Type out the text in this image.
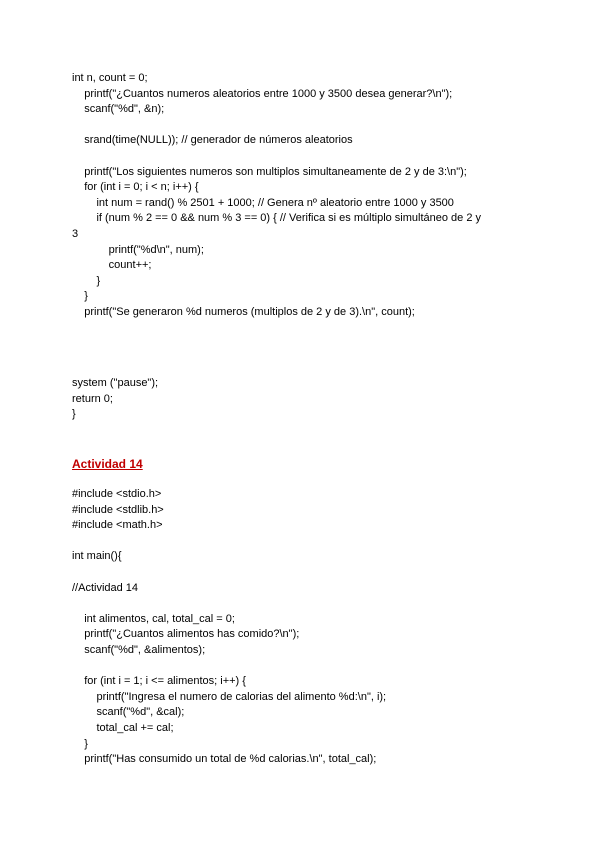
Actividad 14
int n, count = 0;
printf("¿Cuantos numeros aleatorios entre 1000 y 3500 desea generar?\n");
scanf("%d", &n);
srand(time(NULL)); // generador de números aleatorios
printf("Los siguientes numeros son multiplos simultaneamente de 2 y de 3:\n");
for (int i = 0; i < n; i++) {
int num = rand() % 2501 + 1000; // Genera nº aleatorio entre 1000 y 3500
if (num % 2 == 0 && num % 3 == 0) { // Verifica si es múltiplo simultáneo de 2 y
3
printf("%d\n", num);
count++;
}
}
printf("Se generaron %d numeros (multiplos de 2 y de 3).\n", count);
system ("pause");
return 0;
}
#include <stdio.h>
#include <stdlib.h>
#include <math.h>
int main(){
//Actividad 14
int alimentos, cal, total_cal = 0;
printf("¿Cuantos alimentos has comido?\n");
scanf("%d", &alimentos);
for (int i = 1; i <= alimentos; i++) {
printf("Ingresa el numero de calorias del alimento %d:\n", i);
scanf("%d", &cal);
total_cal += cal;
}
printf("Has consumido un total de %d calorias.\n", total_cal);
